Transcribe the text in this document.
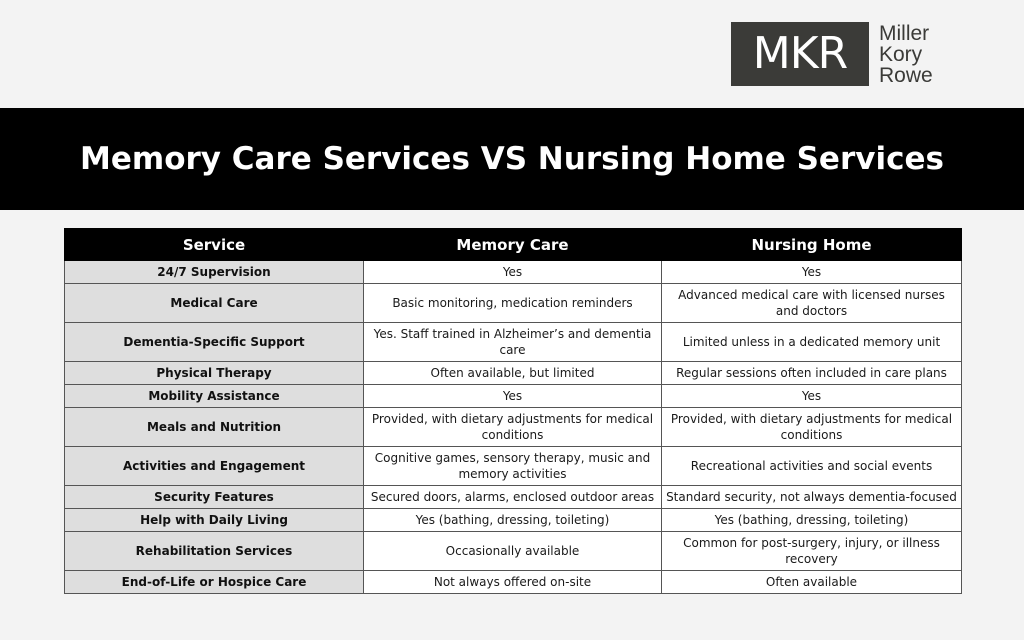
MKR	Miller
Kory
Rowe
Memory Care Services VS Nursing Home Services
Service	Memory Care	Nursing Home
24/7 Supervision	Yes	Yes
Medical Care	Basic monitoring, medication reminders	Advanced medical care with licensed nurses and doctors
Dementia-Specific Support	Yes. Staff trained in Alzheimer’s and dementia care	Limited unless in a dedicated memory unit
Physical Therapy	Often available, but limited	Regular sessions often included in care plans
Mobility Assistance	Yes	Yes
Meals and Nutrition	Provided, with dietary adjustments for medical conditions	Provided, with dietary adjustments for medical conditions
Activities and Engagement	Cognitive games, sensory therapy, music and memory activities	Recreational activities and social events
Security Features	Secured doors, alarms, enclosed outdoor areas	Standard security, not always dementia-focused
Help with Daily Living	Yes (bathing, dressing, toileting)	Yes (bathing, dressing, toileting)
Rehabilitation Services	Occasionally available	Common for post-surgery, injury, or illness recovery
End-of-Life or Hospice Care	Not always offered on-site	Often available
